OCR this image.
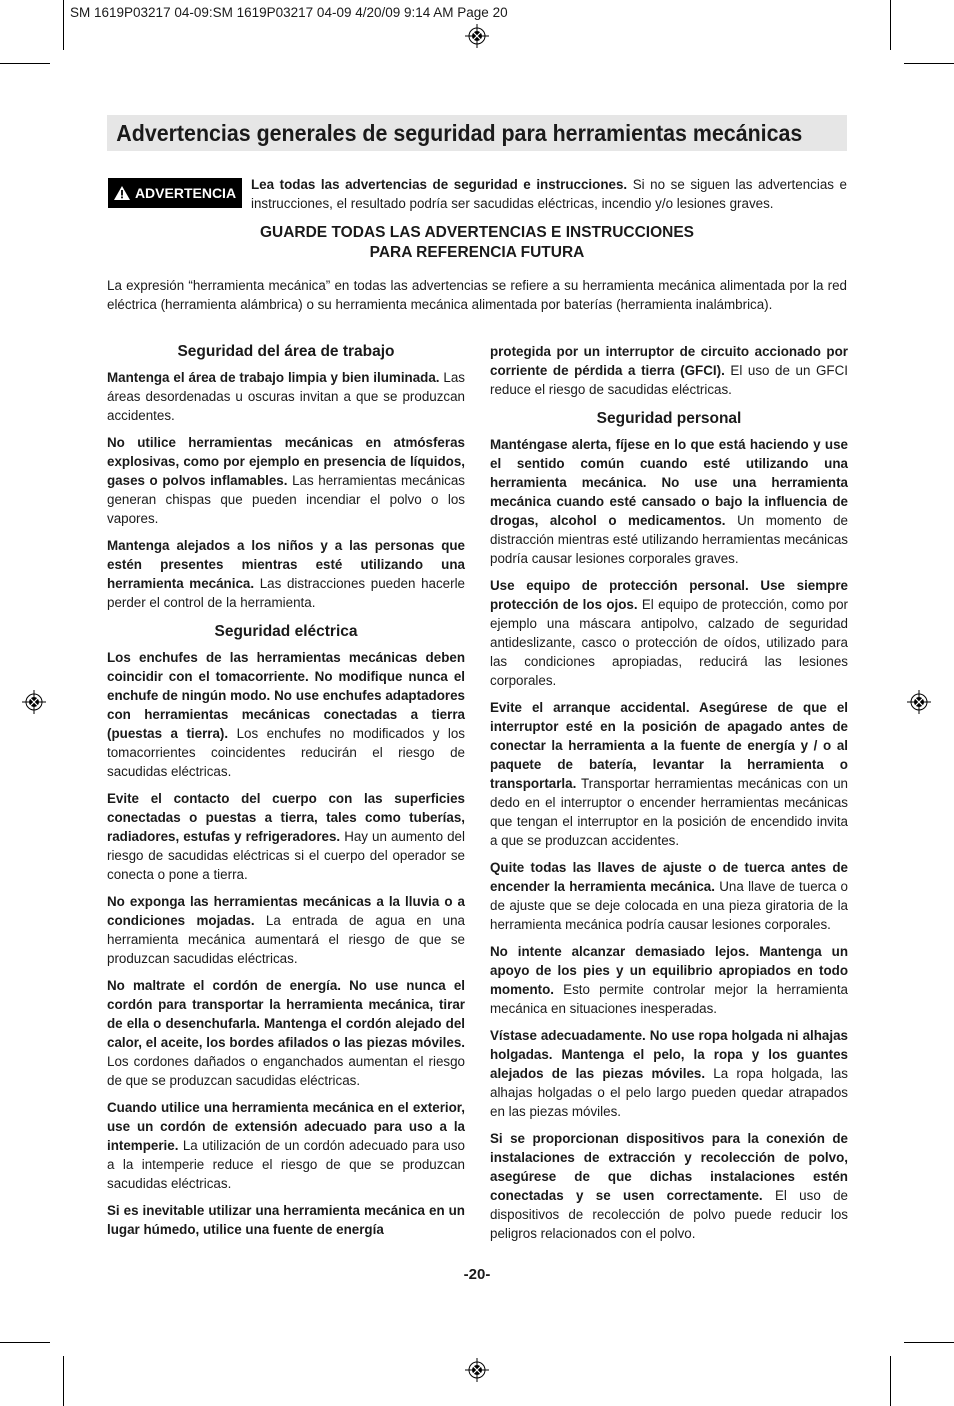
SM 1619P03217 04-09:SM 1619P03217 04-09 4/20/09 9:14 AM Page 20
Advertencias generales de seguridad para herramientas mecánicas
ADVERTENCIA
Lea todas las advertencias de seguridad e instrucciones. Si no se siguen las advertencias e instrucciones, el resultado podría ser sacudidas eléctricas, incendio y/o lesiones graves.
GUARDE TODAS LAS ADVERTENCIAS E INSTRUCCIONES
PARA REFERENCIA FUTURA
La expresión “herramienta mecánica” en todas las advertencias se refiere a su herramienta mecánica alimentada por la red eléctrica (herramienta alámbrica) o su herramienta mecánica alimentada por baterías (herramienta inalámbrica).
Seguridad del área de trabajo

Mantenga el área de trabajo limpia y bien iluminada. Las áreas desordenadas u oscuras invitan a que se produzcan accidentes.

No utilice herramientas mecánicas en atmósferas explosivas, como por ejemplo en presencia de líquidos, gases o polvos inflamables. Las herramientas mecánicas generan chispas que pueden incendiar el polvo o los vapores.

Mantenga alejados a los niños y a las personas que estén presentes mientras esté utilizando una herramienta mecánica. Las distracciones pueden hacerle perder el control de la herramienta.

Seguridad eléctrica

Los enchufes de las herramientas mecánicas deben coincidir con el tomacorriente. No modifique nunca el enchufe de ningún modo. No use enchufes adaptadores con herramientas mecánicas conectadas a tierra (puestas a tierra). Los enchufes no modificados y los tomacorrientes coincidentes reducirán el riesgo de sacudidas eléctricas.

Evite el contacto del cuerpo con las superficies conectadas o puestas a tierra, tales como tuberías, radiadores, estufas y refrigeradores. Hay un aumento del riesgo de sacudidas eléctricas si el cuerpo del operador se conecta o pone a tierra.

No exponga las herramientas mecánicas a la lluvia o a condiciones mojadas. La entrada de agua en una herramienta mecánica aumentará el riesgo de que se produzcan sacudidas eléctricas.

No maltrate el cordón de energía. No use nunca el cordón para transportar la herramienta mecánica, tirar de ella o desenchufarla. Mantenga el cordón alejado del calor, el aceite, los bordes afilados o las piezas móviles. Los cordones dañados o enganchados aumentan el riesgo de que se produzcan sacudidas eléctricas.

Cuando utilice una herramienta mecánica en el exterior, use un cordón de extensión adecuado para uso a la intemperie. La utilización de un cordón adecuado para uso a la intemperie reduce el riesgo de que se produzcan sacudidas eléctricas.

Si es inevitable utilizar una herramienta mecánica en un lugar húmedo, utilice una fuente de energía

protegida por un interruptor de circuito accionado por corriente de pérdida a tierra (GFCI). El uso de un GFCI reduce el riesgo de sacudidas eléctricas.

Seguridad personal

Manténgase alerta, fíjese en lo que está haciendo y use el sentido común cuando esté utilizando una herramienta mecánica. No use una herramienta mecánica cuando esté cansado o bajo la influencia de drogas, alcohol o medicamentos. Un momento de distracción mientras esté utilizando herramientas mecánicas podría causar lesiones corporales graves.

Use equipo de protección personal. Use siempre protección de los ojos. El equipo de protección, como por ejemplo una máscara antipolvo, calzado de seguridad antideslizante, casco o protección de oídos, utilizado para las condiciones apropiadas, reducirá las lesiones corporales.

Evite el arranque accidental. Asegúrese de que el interruptor esté en la posición de apagado antes de conectar la herramienta a la fuente de energía y / o al paquete de batería, levantar la herramienta o transportarla. Transportar herramientas mecánicas con un dedo en el interruptor o encender herramientas mecánicas que tengan el interruptor en la posición de encendido invita a que se produzcan accidentes.

Quite todas las llaves de ajuste o de tuerca antes de encender la herramienta mecánica. Una llave de tuerca o de ajuste que se deje colocada en una pieza giratoria de la herramienta mecánica podría causar lesiones corporales.

No intente alcanzar demasiado lejos. Mantenga un apoyo de los pies y un equilibrio apropiados en todo momento. Esto permite controlar mejor la herramienta mecánica en situaciones inesperadas.

Vístase adecuadamente. No use ropa holgada ni alhajas holgadas. Mantenga el pelo, la ropa y los guantes alejados de las piezas móviles. La ropa holgada, las alhajas holgadas o el pelo largo pueden quedar atrapados en las piezas móviles.

Si se proporcionan dispositivos para la conexión de instalaciones de extracción y recolección de polvo, asegúrese de que dichas instalaciones estén conectadas y se usen correctamente. El uso de dispositivos de recolección de polvo puede reducir los peligros relacionados con el polvo.

-20-
